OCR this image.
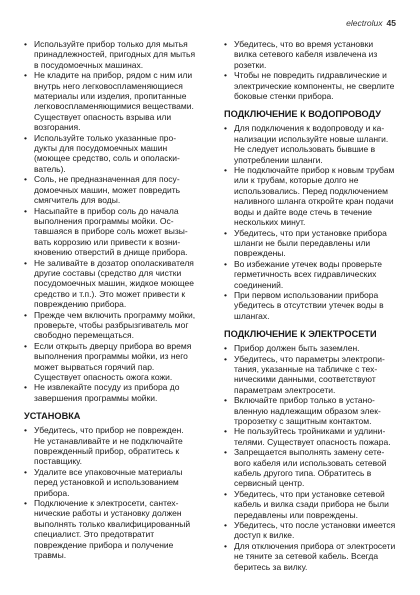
electrolux 45
• Используйте прибор только для мытья принадлежностей, пригодных для мытья в посудомоечных машинах.
• Не кладите на прибор, рядом с ним или внутрь него легковоспламеняющиеся материалы или изделия, пропитанные легковоспламеняющимися веществами. Существует опасность взрыва или возгорания.
• Используйте только указанные продукты для посудомоечных машин (моющее средство, соль и ополаскиватель).
• Соль, не предназначенная для посудомоечных машин, может повредить смягчитель для воды.
• Насыпайте в прибор соль до начала выполнения программы мойки. Оставшаяся в приборе соль может вызывать коррозию или привести к возникновению отверстий в днище прибора.
• Не заливайте в дозатор ополаскивателя другие составы (средство для чистки посудомоечных машин, жидкое моющее средство и т.п.). Это может привести к повреждению прибора.
• Прежде чем включить программу мойки, проверьте, чтобы разбрызгиватель мог свободно перемещаться.
• Если открыть дверцу прибора во время выполнения программы мойки, из него может вырваться горячий пар. Существует опасность ожога кожи.
• Не извлекайте посуду из прибора до завершения программы мойки.
УСТАНОВКА
• Убедитесь, что прибор не поврежден. Не устанавливайте и не подключайте поврежденный прибор, обратитесь к поставщику.
• Удалите все упаковочные материалы перед установкой и использованием прибора.
• Подключение к электросети, сантехнические работы и установку должен выполнять только квалифицированный специалист. Это предотвратит повреждение прибора и получение травмы.
• Убедитесь, что во время установки вилка сетевого кабеля извлечена из розетки.
• Чтобы не повредить гидравлические и электрические компоненты, не сверлите боковые стенки прибора.
ПОДКЛЮЧЕНИЕ К ВОДОПРОВОДУ
• Для подключения к водопроводу и канализации используйте новые шланги. Не следует использовать бывшие в употреблении шланги.
• Не подключайте прибор к новым трубам или к трубам, которые долго не использовались. Перед подключением наливного шланга откройте кран подачи воды и дайте воде стечь в течение нескольких минут.
• Убедитесь, что при установке прибора шланги не были передавлены или повреждены.
• Во избежание утечек воды проверьте герметичность всех гидравлических соединений.
• При первом использовании прибора убедитесь в отсутствии утечек воды в шлангах.
ПОДКЛЮЧЕНИЕ К ЭЛЕКТРОСЕТИ
• Прибор должен быть заземлен.
• Убедитесь, что параметры электропитания, указанные на табличке с техническими данными, соответствуют параметрам электросети.
• Включайте прибор только в установленную надлежащим образом электророзетку с защитным контактом.
• Не пользуйтесь тройниками и удлинителями. Существует опасность пожара.
• Запрещается выполнять замену сетевого кабеля или использовать сетевой кабель другого типа. Обратитесь в сервисный центр.
• Убедитесь, что при установке сетевой кабель и вилка сзади прибора не были передавлены или повреждены.
• Убедитесь, что после установки имеется доступ к вилке.
• Для отключения прибора от электросети не тяните за сетевой кабель. Всегда беритесь за вилку.
